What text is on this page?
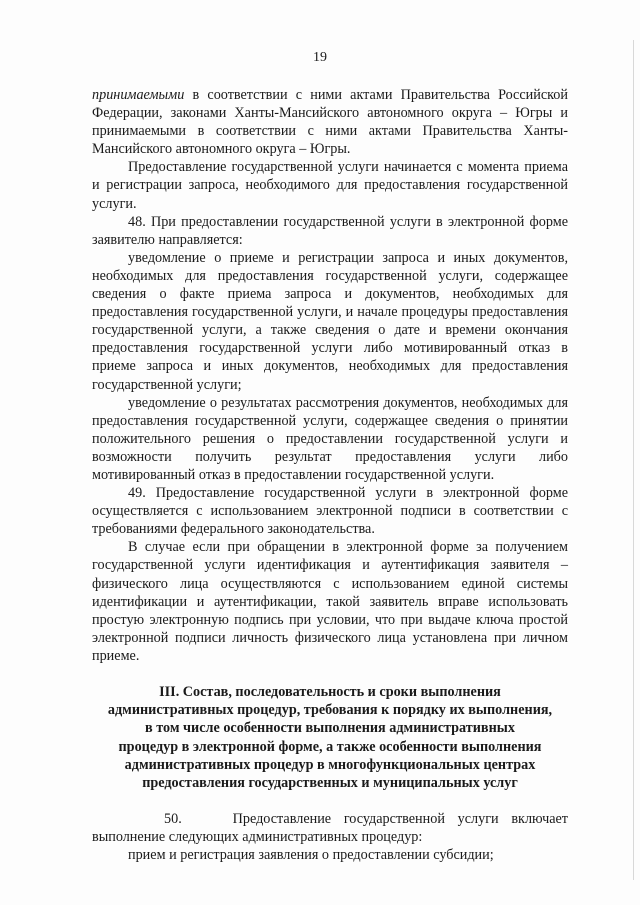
19

принимаемыми в соответствии с ними актами Правительства Российской Федерации, законами Ханты-Мансийского автономного округа – Югры и принимаемыми в соответствии с ними актами Правительства Ханты-Мансийского автономного округа – Югры.

Предоставление государственной услуги начинается с момента приема и регистрации запроса, необходимого для предоставления государственной услуги.

48. При предоставлении государственной услуги в электронной форме заявителю направляется:

уведомление о приеме и регистрации запроса и иных документов, необходимых для предоставления государственной услуги, содержащее сведения о факте приема запроса и документов, необходимых для предоставления государственной услуги, и начале процедуры предоставления государственной услуги, а также сведения о дате и времени окончания предоставления государственной услуги либо мотивированный отказ в приеме запроса и иных документов, необходимых для предоставления государственной услуги;

уведомление о результатах рассмотрения документов, необходимых для предоставления государственной услуги, содержащее сведения о принятии положительного решения о предоставлении государственной услуги и возможности получить результат предоставления услуги либо мотивированный отказ в предоставлении государственной услуги.

49. Предоставление государственной услуги в электронной форме осуществляется с использованием электронной подписи в соответствии с требованиями федерального законодательства.

В случае если при обращении в электронной форме за получением государственной услуги идентификация и аутентификация заявителя – физического лица осуществляются с использованием единой системы идентификации и аутентификации, такой заявитель вправе использовать простую электронную подпись при условии, что при выдаче ключа простой электронной подписи личность физического лица установлена при личном приеме.

III. Состав, последовательность и сроки выполнения

административных процедур, требования к порядку их выполнения,

в том числе особенности выполнения административных

процедур в электронной форме, а также особенности выполнения

административных процедур в многофункциональных центрах

предоставления государственных и муниципальных услуг

50.	Предоставление государственной услуги включает выполнение следующих административных процедур:

прием и регистрация заявления о предоставлении субсидии;
